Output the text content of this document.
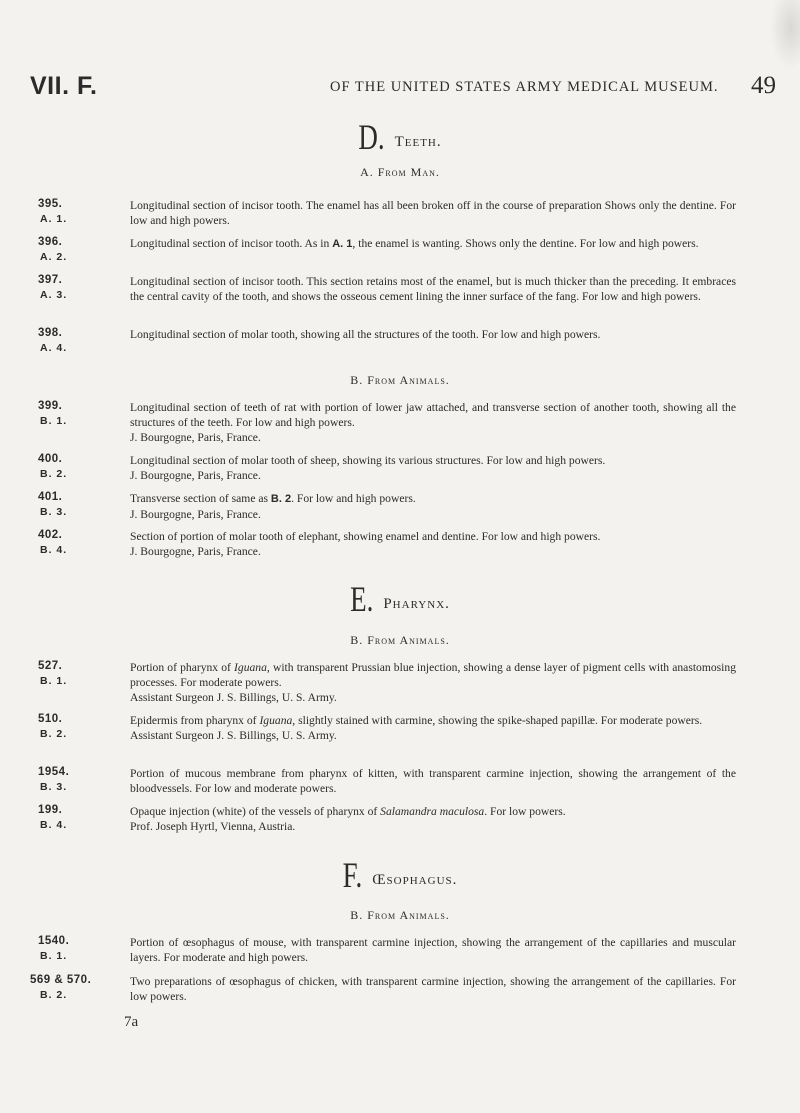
VII. F.	OF THE UNITED STATES ARMY MEDICAL MUSEUM. 49
D. Teeth.
A. From Man.
395.
A. 1.
Longitudinal section of incisor tooth. The enamel has all been broken off in the course of preparation Shows only the dentine. For low and high powers.
396.
A. 2.
Longitudinal section of incisor tooth. As in A. 1, the enamel is wanting. Shows only the dentine. For low and high powers.
397.
A. 3.
Longitudinal section of incisor tooth. This section retains most of the enamel, but is much thicker than the preceding. It embraces the central cavity of the tooth, and shows the osseous cement lining the inner surface of the fang. For low and high powers.
398.
A. 4.
Longitudinal section of molar tooth, showing all the structures of the tooth. For low and high powers.
B. From Animals.
399.
B. 1.
Longitudinal section of teeth of rat with portion of lower jaw attached, and transverse section of another tooth, showing all the structures of the teeth. For low and high powers.
J. Bourgogne, Paris, France.
400.
B. 2.
Longitudinal section of molar tooth of sheep, showing its various structures. For low and high powers.
J. Bourgogne, Paris, France.
401.
B. 3.
Transverse section of same as B. 2. For low and high powers.
J. Bourgogne, Paris, France.
402.
B. 4.
Section of portion of molar tooth of elephant, showing enamel and dentine. For low and high powers.
J. Bourgogne, Paris, France.
E. Pharynx.
B. From Animals.
527.
B. 1.
Portion of pharynx of Iguana, with transparent Prussian blue injection, showing a dense layer of pigment cells with anastomosing processes. For moderate powers.
Assistant Surgeon J. S. Billings, U. S. Army.
510.
B. 2.
Epidermis from pharynx of Iguana, slightly stained with carmine, showing the spike-shaped papillæ. For moderate powers.
Assistant Surgeon J. S. Billings, U. S. Army.
1954.
B. 3.
Portion of mucous membrane from pharynx of kitten, with transparent carmine injection, showing the arrangement of the bloodvessels. For low and moderate powers.
199.
B. 4.
Opaque injection (white) of the vessels of pharynx of Salamandra maculosa. For low powers.
Prof. Joseph Hyrtl, Vienna, Austria.
F. Œsophagus.
B. From Animals.
1540.
B. 1.
Portion of œsophagus of mouse, with transparent carmine injection, showing the arrangement of the capillaries and muscular layers. For moderate and high powers.
569 & 570.
B. 2.
Two preparations of œsophagus of chicken, with transparent carmine injection, showing the arrangement of the capillaries. For low powers.
7a
